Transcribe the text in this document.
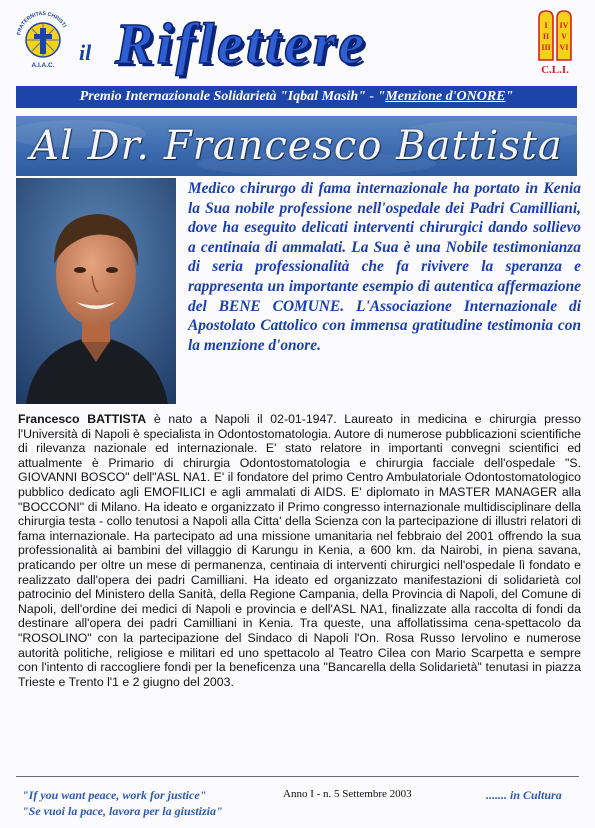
FRATERNITAS CHRISTI
A.I.A.C.
il Riflettere	I
II
III
IV
V
VI
C.L.I.
Premio Internazionale Solidarietà "Iqbal Masih" - "Menzione d'ONORE"
Al Dr. Francesco Battista

Medico chirurgo di fama internazionale ha portato in Kenia la Sua nobile professione nell'ospedale dei Padri Camilliani, dove ha eseguito delicati interventi chirurgici dando sollievo a centinaia di ammalati. La Sua è una Nobile testimonianza di seria professionalità che fa rivivere la speranza e rappresenta un importante esempio di autentica affermazione del BENE COMUNE. L'Associazione Internazionale di Apostolato Cattolico con immensa gratitudine testimonia con la menzione d'onore.

Francesco BATTISTA è nato a Napoli il 02-01-1947. Laureato in medicina e chirurgia presso l'Università di Napoli è specialista in Odontostomatologia. Autore di numerose pubblicazioni scientifiche di rilevanza nazionale ed internazionale. E' stato relatore in importanti convegni scientifici ed attualmente è Primario di chirurgia Odontostomatologia e chirurgia facciale dell'ospedale "S. GIOVANNI BOSCO" dell"ASL NA1. E' il fondatore del primo Centro Ambulatoriale Odontostomatologico pubblico dedicato agli EMOFILICI e agli ammalati di AIDS. E' diplomato in MASTER MANAGER alla "BOCCONI" di Milano. Ha ideato e organizzato il Primo congresso internazionale multidisciplinare della chirurgia testa - collo tenutosi a Napoli alla Citta' della Scienza con la partecipazione di illustri relatori di fama internazionale. Ha partecipato ad una missione umanitaria nel febbraio del 2001 offrendo la sua professionalità ai bambini del villaggio di Karungu in Kenia, a 600 km. da Nairobi, in piena savana, praticando per oltre un mese di permanenza, centinaia di interventi chirurgici nell'ospedale lì fondato e realizzato dall'opera dei padri Camilliani. Ha ideato ed organizzato manifestazioni di solidarietà col patrocinio del Ministero della Sanità, della Regione Campania, della Provincia di Napoli, del Comune di Napoli, dell'ordine dei medici di Napoli e provincia e dell'ASL NA1, finalizzate alla raccolta di fondi da destinare all'opera dei padri Camilliani in Kenia. Tra queste, una affollatissima cena-spettacolo da "ROSOLINO" con la partecipazione del Sindaco di Napoli l'On. Rosa Russo Iervolino e numerose autorità politiche, religiose e militari ed uno spettacolo al Teatro Cilea con Mario Scarpetta e sempre con l'intento di raccogliere fondi per la beneficenza una "Bancarella della Solidarietà" tenutasi in piazza Trieste e Trento l'1 e 2 giugno del 2003.

"If you want peace, work for justice"
"Se vuoi la pace, lavora per la giustizia"
Anno I - n. 5 Settembre 2003	....... in Cultura
